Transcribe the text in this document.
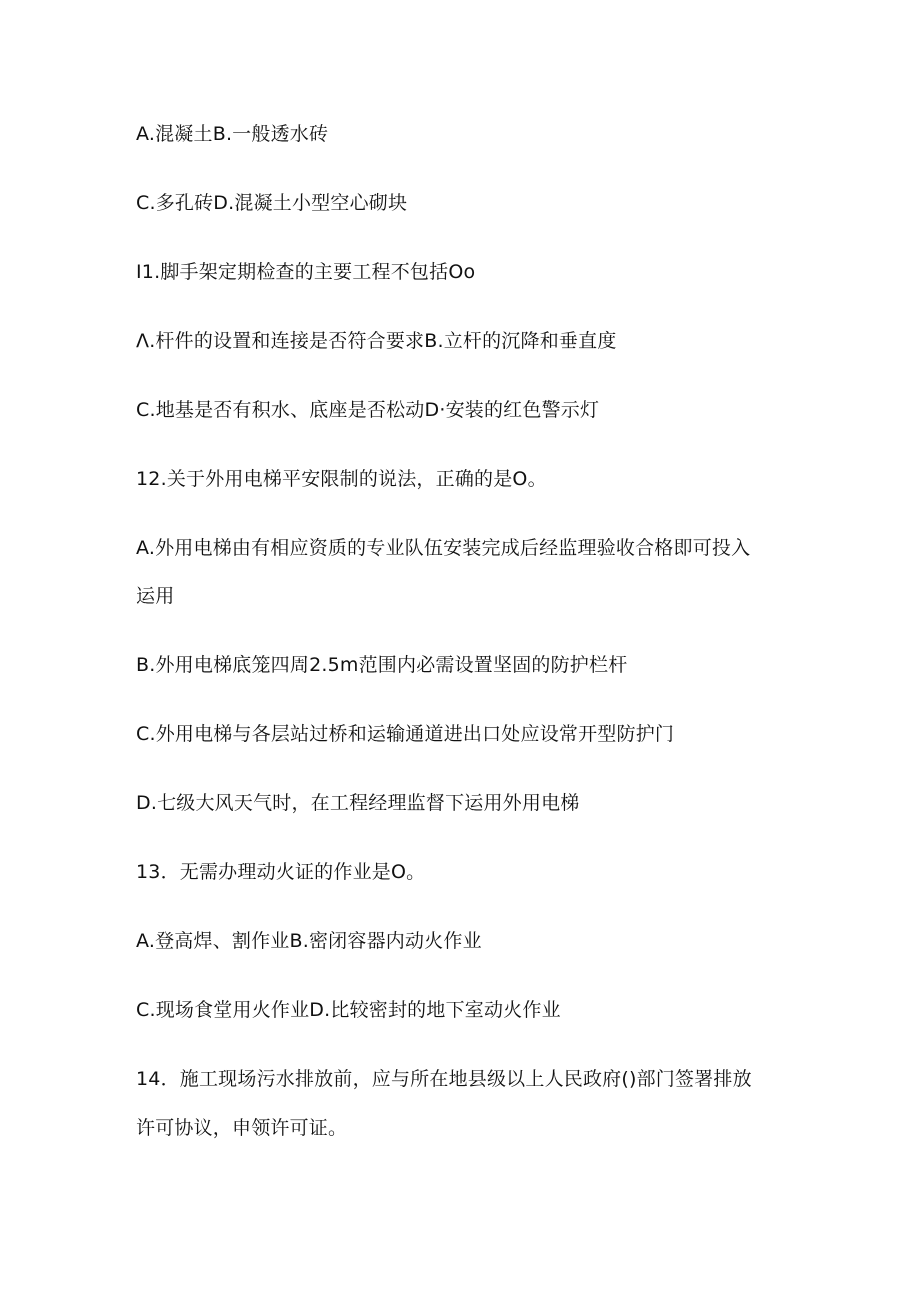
A.混凝土B.一般透水砖
C.多孔砖D.混凝土小型空心砌块
I1.脚手架定期检查的主要工程不包括Oo
Λ.杆件的设置和连接是否符合要求B.立杆的沉降和垂直度
C.地基是否有积水、底座是否松动D·安装的红色警示灯
12.关于外用电梯平安限制的说法，正确的是O。
A.外用电梯由有相应资质的专业队伍安装完成后经监理验收合格即可投入
运用
B.外用电梯底笼四周2.5m范围内必需设置坚固的防护栏杆
C.外用电梯与各层站过桥和运输通道进出口处应设常开型防护门
D.七级大风天气时，在工程经理监督下运用外用电梯
13．无需办理动火证的作业是O。
A.登高焊、割作业B.密闭容器内动火作业
C.现场食堂用火作业D.比较密封的地下室动火作业
14．施工现场污水排放前，应与所在地县级以上人民政府()部门签署排放
许可协议，申领许可证。
